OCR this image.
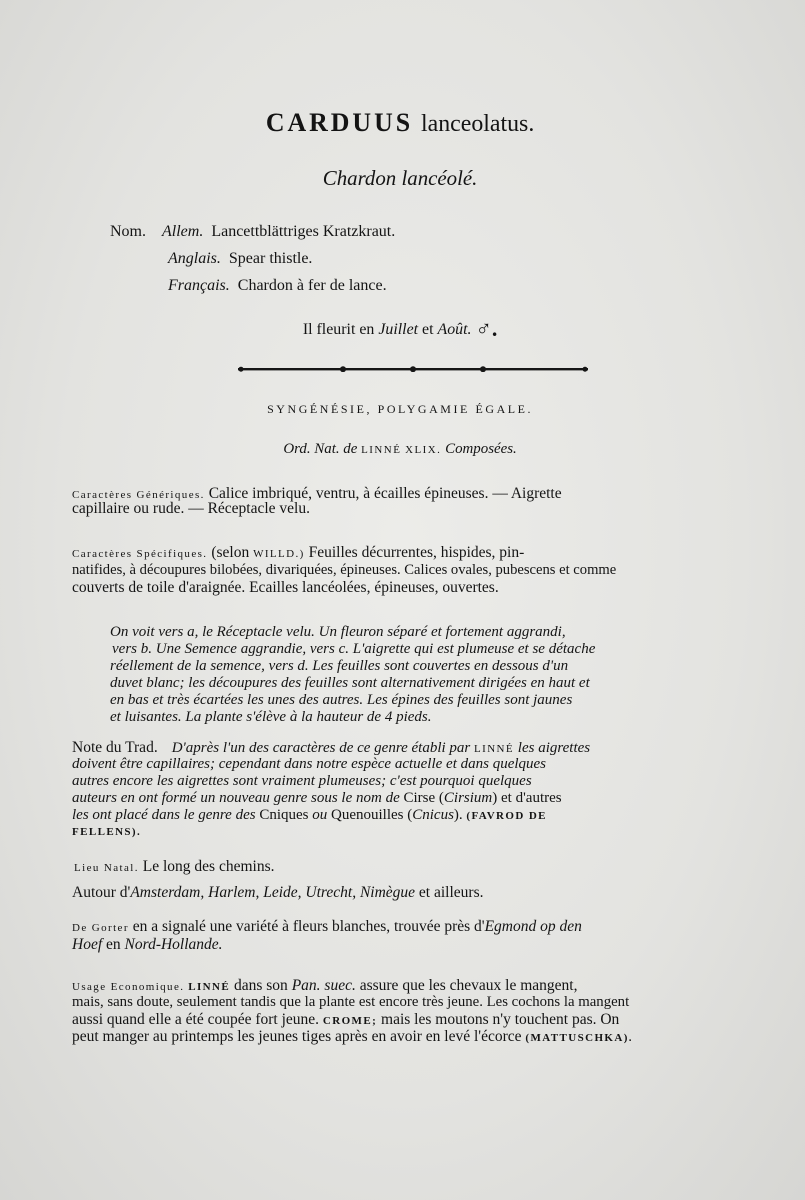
CARDUUS lanceolatus.
Chardon lancéolé.
Nom. Allem. Lancettblättriges Kratzkraut.
Anglais. Spear thistle.
Français. Chardon à fer de lance.
Il fleurit en Juillet et Août. ♂.
SYNGÉNÉSIE, POLYGAMIE ÉGALE.
Ord. Nat. de LINNÉ XLIX. Composées.
Caractères Génériques. Calice imbriqué, ventru, à écailles épineuses. — Aigrette
capillaire ou rude. — Réceptacle velu.
Caractères Spécifiques. (selon WILLD.) Feuilles décurrentes, hispides, pin-
natifides, à découpures bilobées, divariquées, épineuses. Calices ovales, pubescens et comme
couverts de toile d'araignée. Ecailles lancéolées, épineuses, ouvertes.
On voit vers a, le Réceptacle velu. Un fleuron séparé et fortement aggrandi,
vers b. Une Semence aggrandie, vers c. L'aigrette qui est plumeuse et se détache
réellement de la semence, vers d. Les feuilles sont couvertes en dessous d'un
duvet blanc; les découpures des feuilles sont alternativement dirigées en haut et
en bas et très écartées les unes des autres. Les épines des feuilles sont jaunes
et luisantes. La plante s'élève à la hauteur de 4 pieds.
Note du Trad. D'après l'un des caractères de ce genre établi par LINNÉ les aigrettes
doivent être capillaires; cependant dans notre espèce actuelle et dans quelques
autres encore les aigrettes sont vraiment plumeuses; c'est pourquoi quelques
auteurs en ont formé un nouveau genre sous le nom de Cirse (Cirsium) et d'autres
les ont placé dans le genre des Cniques ou Quenouilles (Cnicus). (FAVROD DE
FELLENS).
Lieu Natal. Le long des chemins.
Autour d'Amsterdam, Harlem, Leide, Utrecht, Nimègue et ailleurs.
De Gorter en a signalé une variété à fleurs blanches, trouvée près d'Egmond op den
Hoef en Nord-Hollande.
Usage Economique. LINNÉ dans son Pan. suec. assure que les chevaux le mangent,
mais, sans doute, seulement tandis que la plante est encore très jeune. Les cochons la mangent
aussi quand elle a été coupée fort jeune. CROME; mais les moutons n'y touchent pas. On
peut manger au printemps les jeunes tiges après en avoir en levé l'écorce (MATTUSCHKA).
